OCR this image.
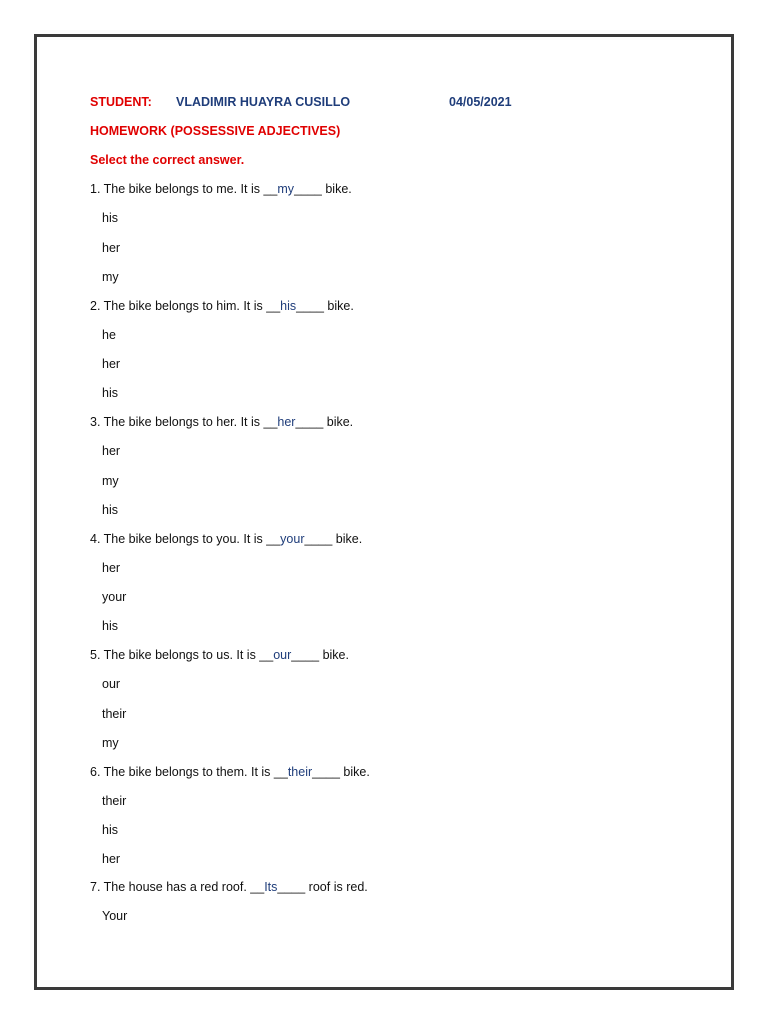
STUDENT: VLADIMIR HUAYRA CUSILLO	04/05/2021
HOMEWORK (POSSESSIVE ADJECTIVES)
Select the correct answer.
1. The bike belongs to me. It is __my____ bike.
his
her
my
2. The bike belongs to him. It is __his____ bike.
he
her
his
3. The bike belongs to her. It is __her____ bike.
her
my
his
4. The bike belongs to you. It is __your____ bike.
her
your
his
5. The bike belongs to us. It is __our____ bike.
our
their
my
6. The bike belongs to them. It is __their____ bike.
their
his
her
7. The house has a red roof. __Its____ roof is red.
Your
